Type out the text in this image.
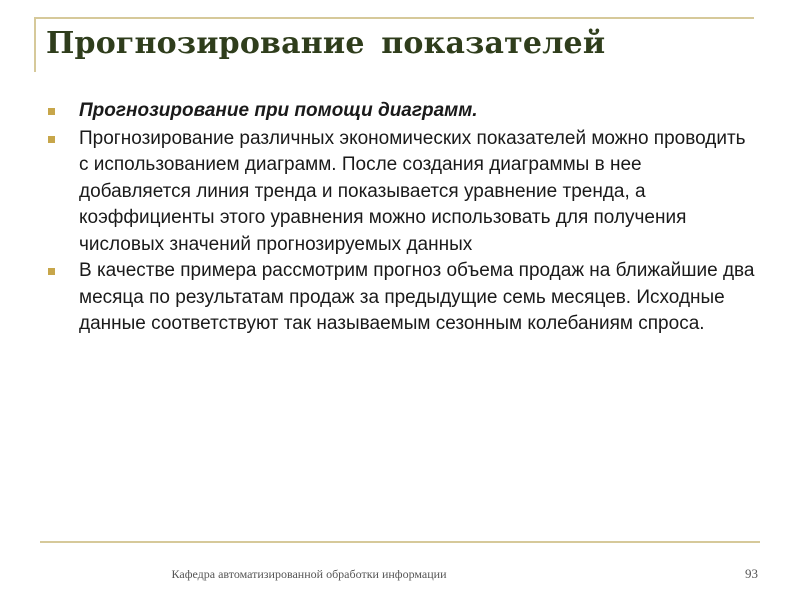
Прогнозирование показателей
Прогнозирование при помощи диаграмм.
Прогнозирование различных экономических показателей можно проводить с использованием диаграмм. После создания диаграммы в нее добавляется линия тренда и показывается уравнение тренда, а коэффициенты этого уравнения можно использовать для получения числовых значений прогнозируемых данных
В качестве примера рассмотрим прогноз объема продаж на ближайшие два месяца по результатам продаж за предыдущие семь месяцев. Исходные данные соответствуют так называемым сезонным колебаниям спроса.
Кафедра автоматизированной обработки информации	93
